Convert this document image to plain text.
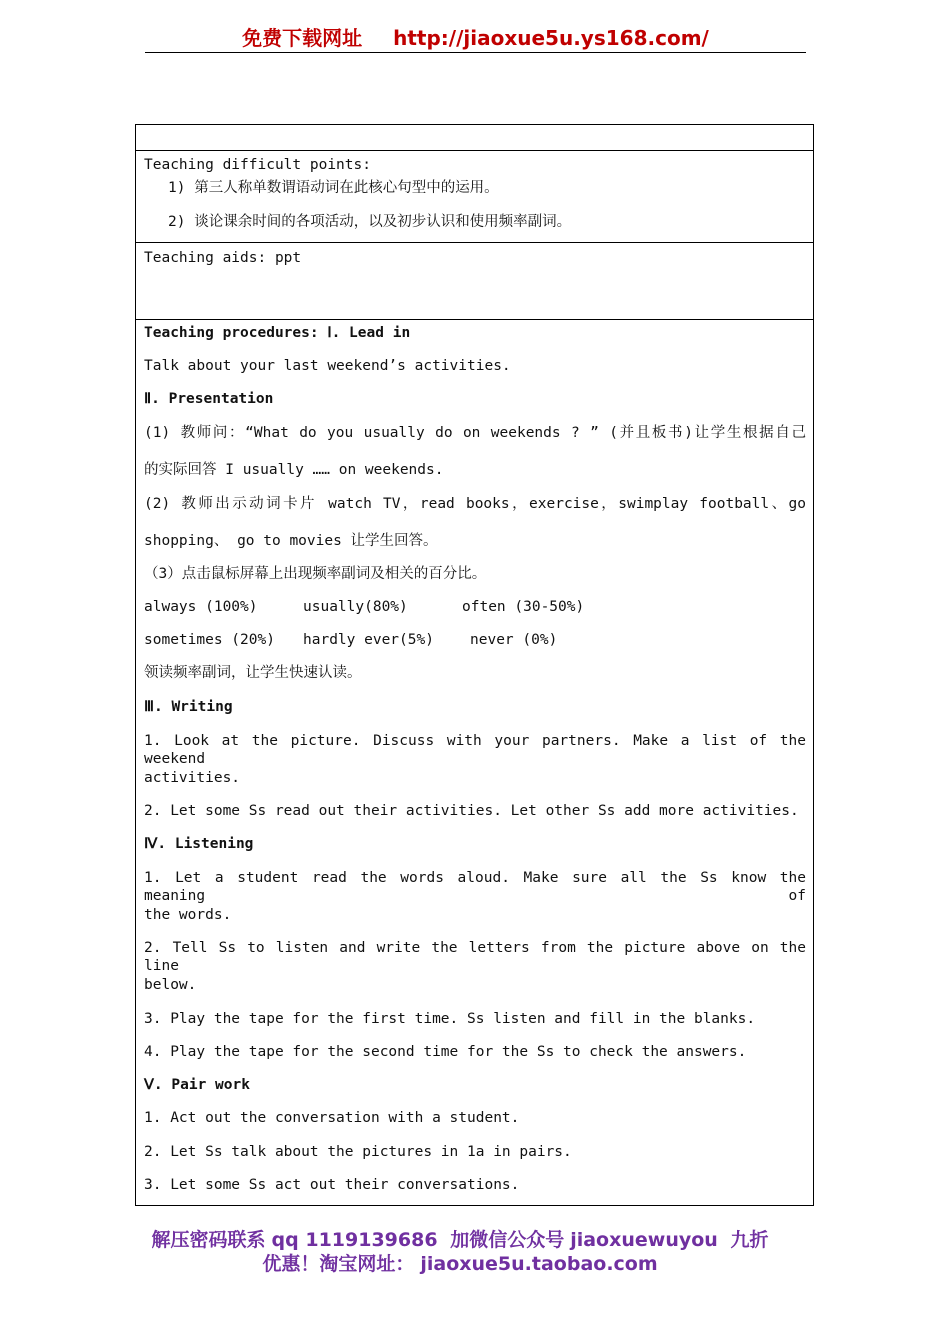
免费下载网址 http://jiaoxue5u.ys168.com/
Teaching difficult points:
1) 第三人称单数谓语动词在此核心句型中的运用。
2) 谈论课余时间的各项活动，以及初步认识和使用频率副词。
Teaching aids: ppt
Teaching procedures: Ⅰ. Lead in
Talk about your last weekend’s activities.
Ⅱ. Presentation
(1) 教师问：“What do you usually do on weekends ? ” (并且板书)让学生根据自己
的实际回答 I usually …… on weekends.
(2) 教师出示动词卡片 watch TV，read books，exercise，swimplay football、go
shopping、 go to movies 让学生回答。
（3）点击鼠标屏幕上出现频率副词及相关的百分比。
always (100%)	usually(80%)	often (30-50%)
sometimes (20%) hardly ever(5%) never (0%)
领读频率副词，让学生快速认读。
Ⅲ. Writing
1. Look at the picture. Discuss with your partners. Make a list of the weekend
activities.
2. Let some Ss read out their activities. Let other Ss add more activities.
Ⅳ. Listening
1. Let a student read the words aloud. Make sure all the Ss know the meaning of
the words.
2. Tell Ss to listen and write the letters from the picture above on the line
below.
3. Play the tape for the first time. Ss listen and fill in the blanks.
4. Play the tape for the second time for the Ss to check the answers.
Ⅴ. Pair work
1. Act out the conversation with a student.
2. Let Ss talk about the pictures in 1a in pairs.
3. Let some Ss act out their conversations.
解压密码联系 qq 1119139686 加微信公众号 jiaoxuewuyou 九折
优惠！淘宝网址： jiaoxue5u.taobao.com
